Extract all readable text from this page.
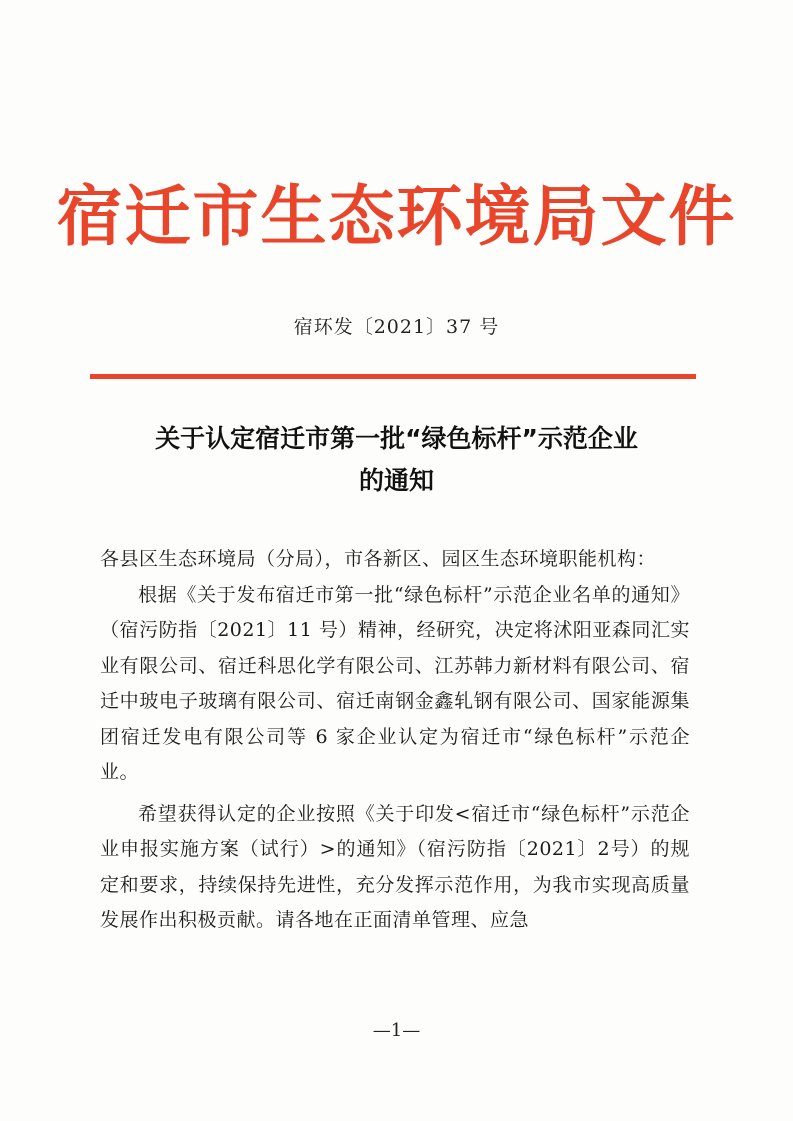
宿迁市生态环境局文件
宿环发〔2021〕37 号
关于认定宿迁市第一批“绿色标杆”示范企业
的通知

各县区生态环境局（分局），市各新区、园区生态环境职能机构：

根据《关于发布宿迁市第一批“绿色标杆”示范企业名单的通知》（宿污防指〔2021〕11 号）精神，经研究，决定将沭阳亚森同汇实业有限公司、宿迁科思化学有限公司、江苏韩力新材料有限公司、宿迁中玻电子玻璃有限公司、宿迁南钢金鑫轧钢有限公司、国家能源集团宿迁发电有限公司等 6 家企业认定为宿迁市“绿色标杆”示范企业。

希望获得认定的企业按照《关于印发<宿迁市“绿色标杆”示范企业申报实施方案（试行）>的通知》（宿污防指〔2021〕2号）的规定和要求，持续保持先进性，充分发挥示范作用，为我市实现高质量发展作出积极贡献。请各地在正面清单管理、应急

—1—
